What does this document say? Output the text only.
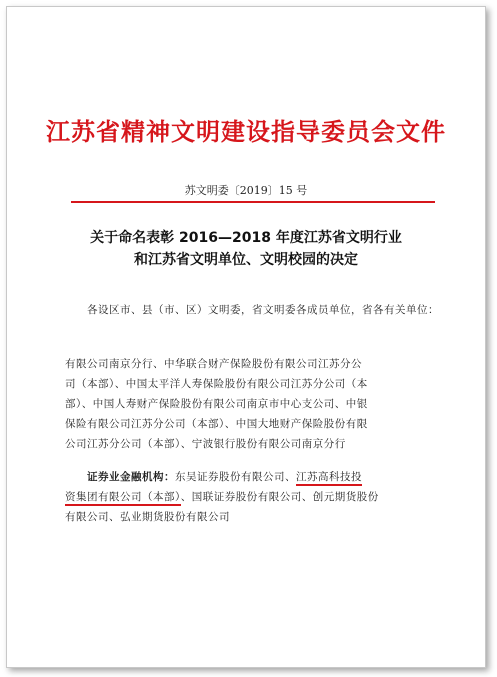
江苏省精神文明建设指导委员会文件
苏文明委〔2019〕15 号
关于命名表彰 2016—2018 年度江苏省文明行业
和江苏省文明单位、文明校园的决定
各设区市、县（市、区）文明委，省文明委各成员单位，省各有关单位：
有限公司南京分行、中华联合财产保险股份有限公司江苏分公
司（本部）、中国太平洋人寿保险股份有限公司江苏分公司（本
部）、中国人寿财产保险股份有限公司南京市中心支公司、中银
保险有限公司江苏分公司（本部）、中国大地财产保险股份有限
公司江苏分公司（本部）、宁波银行股份有限公司南京分行
证券业金融机构：东吴证券股份有限公司、江苏高科技投
资集团有限公司（本部）、国联证券股份有限公司、创元期货股份
有限公司、弘业期货股份有限公司
